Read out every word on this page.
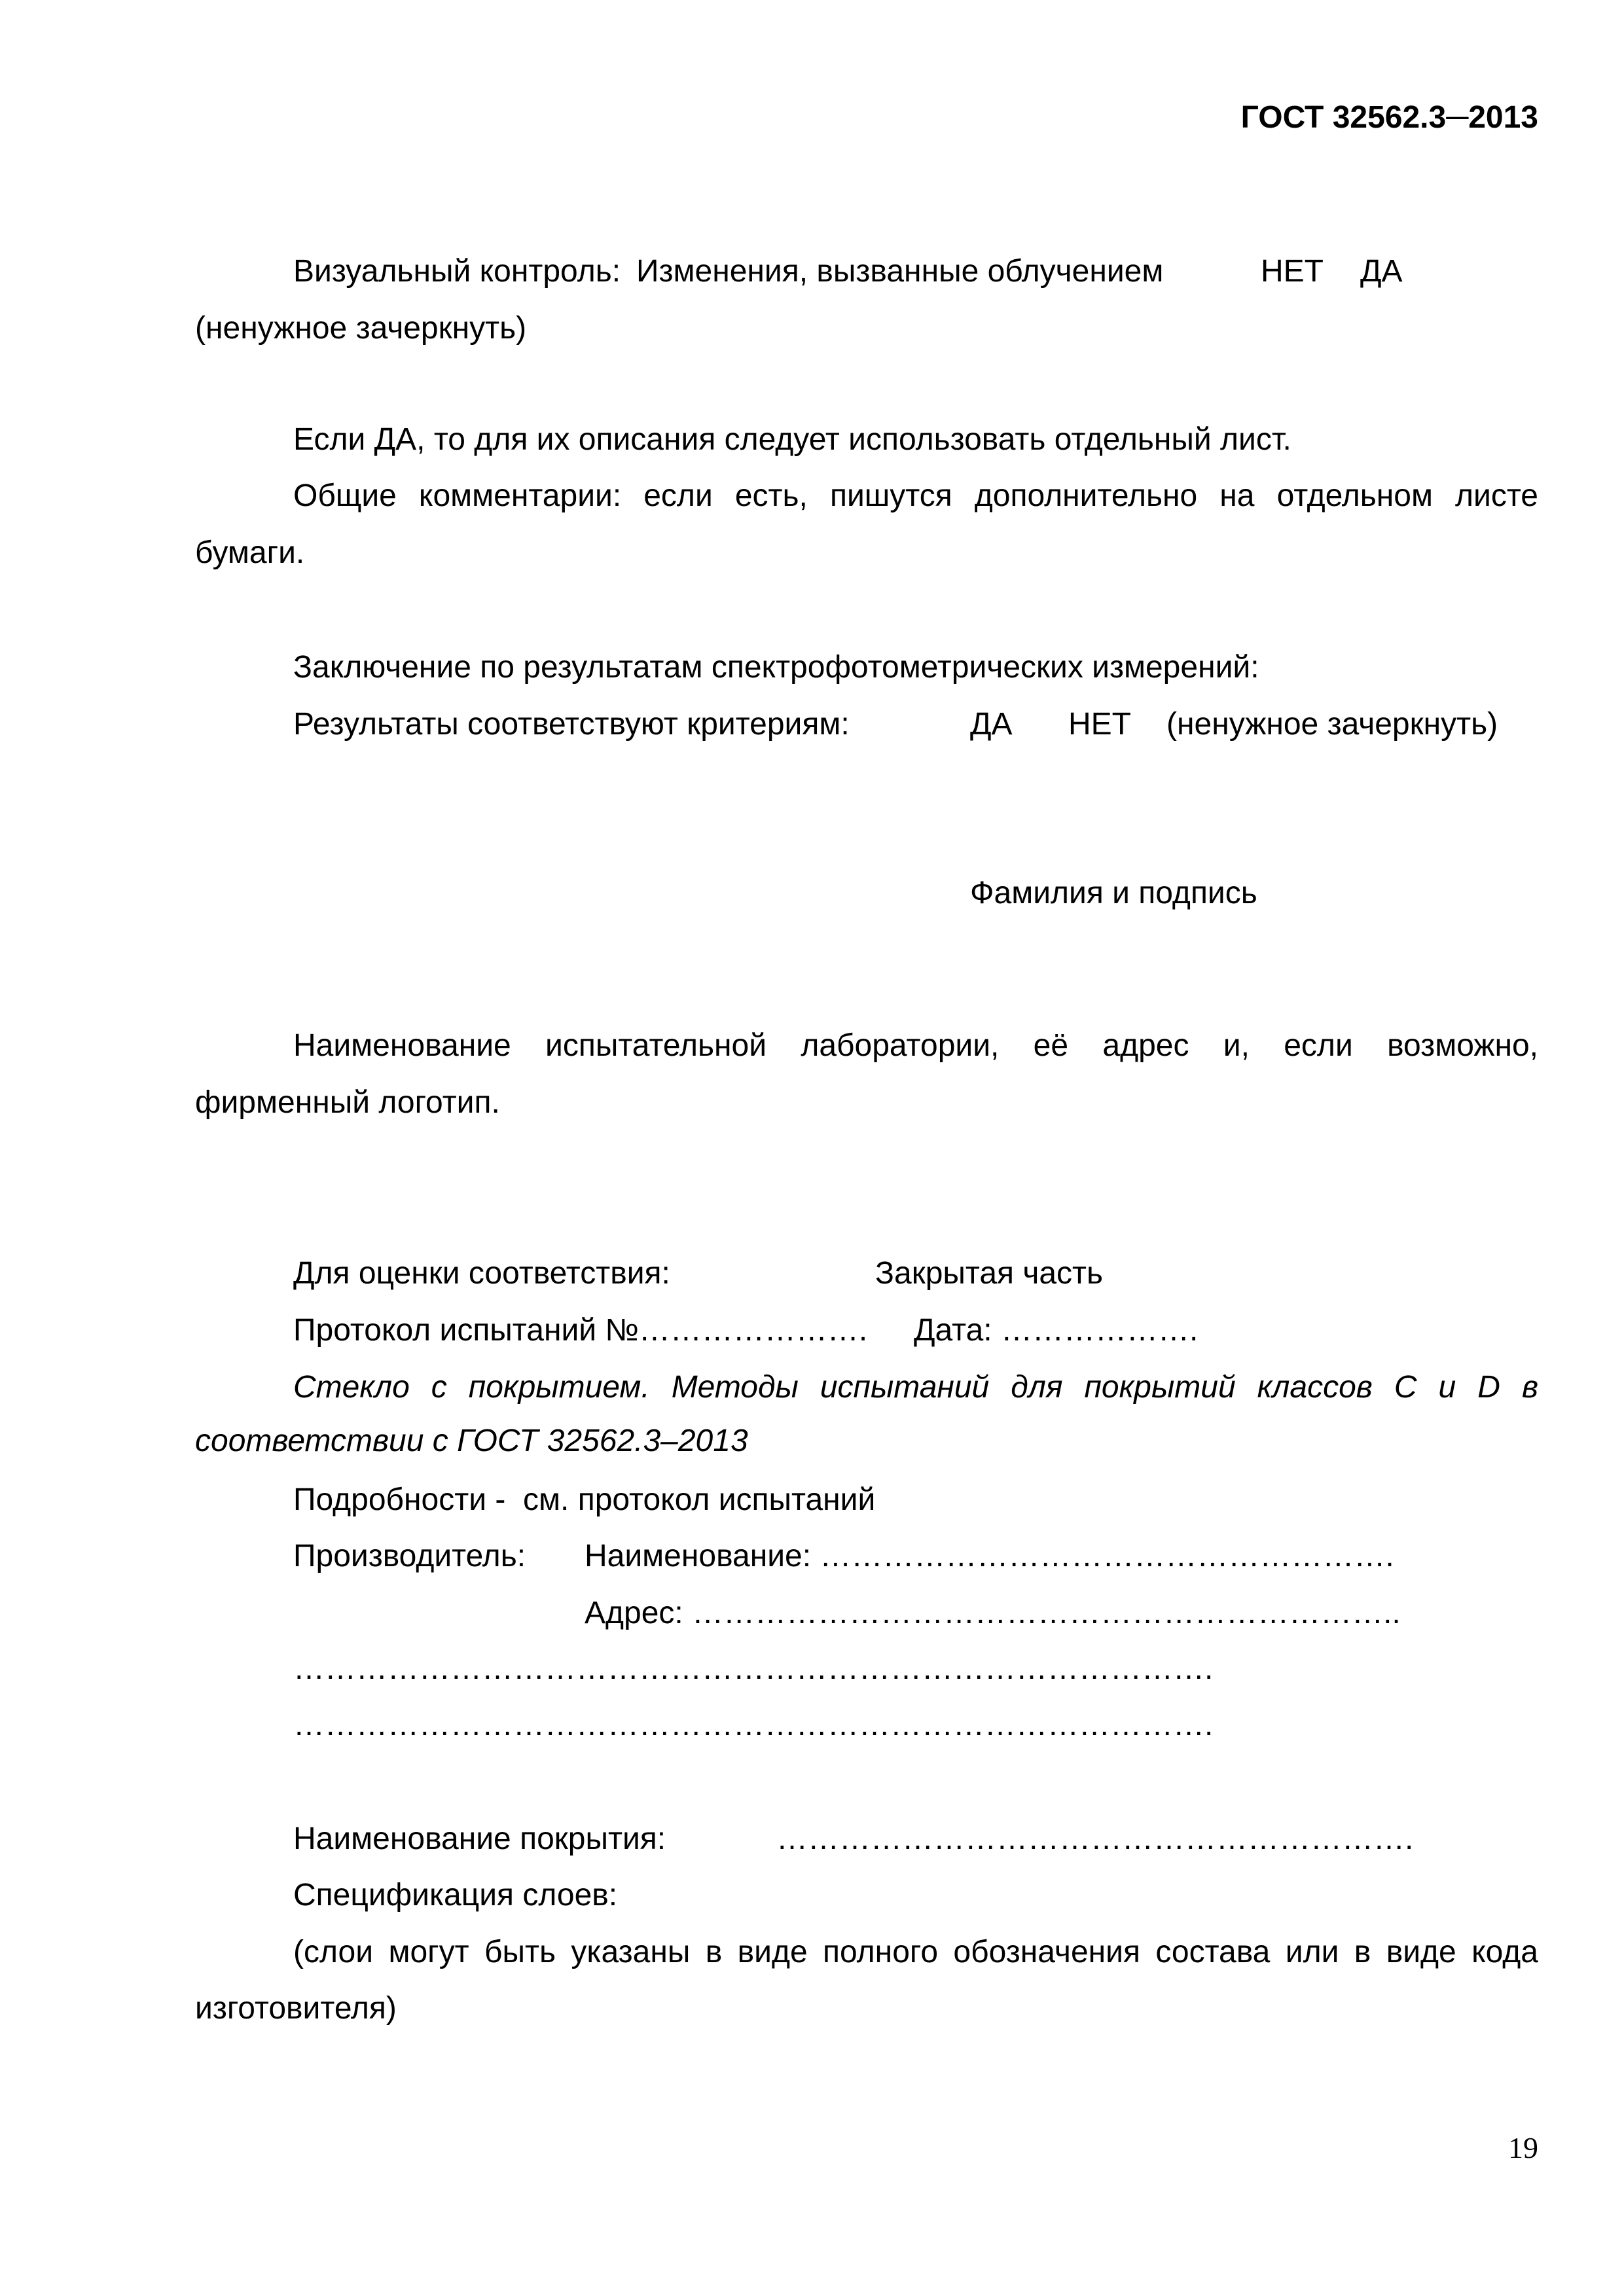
ГОСТ 32562.3─2013
Визуальный контроль: Изменения, вызванные облучением	НЕТ ДА
(ненужное зачеркнуть)
Если ДА, то для их описания следует использовать отдельный лист.
Общие комментарии: если есть, пишутся дополнительно на отдельном листе
бумаги.
Заключение по результатам спектрофотометрических измерений:
Результаты соответствуют критериям:	ДА НЕТ (ненужное зачеркнуть)
Фамилия и подпись
Наименование испытательной лаборатории, её адрес и, если возможно,
фирменный логотип.
Для оценки соответствия:	Закрытая часть
Протокол испытаний №…………………. Дата: ……………….
Стекло с покрытием. Методы испытаний для покрытий классов С и D в
соответствии с ГОСТ 32562.3–2013
Подробности -  см. протокол испытаний
Производитель: Наименование: ……………………………………………….
Адрес: …………………………………………………………..
…………………………………………………………………………….
…………………………………………………………………………….
Наименование покрытия:	…………………………………………………….
Спецификация слоев:
(слои могут быть указаны в виде полного обозначения состава или в виде кода
изготовителя)
19
